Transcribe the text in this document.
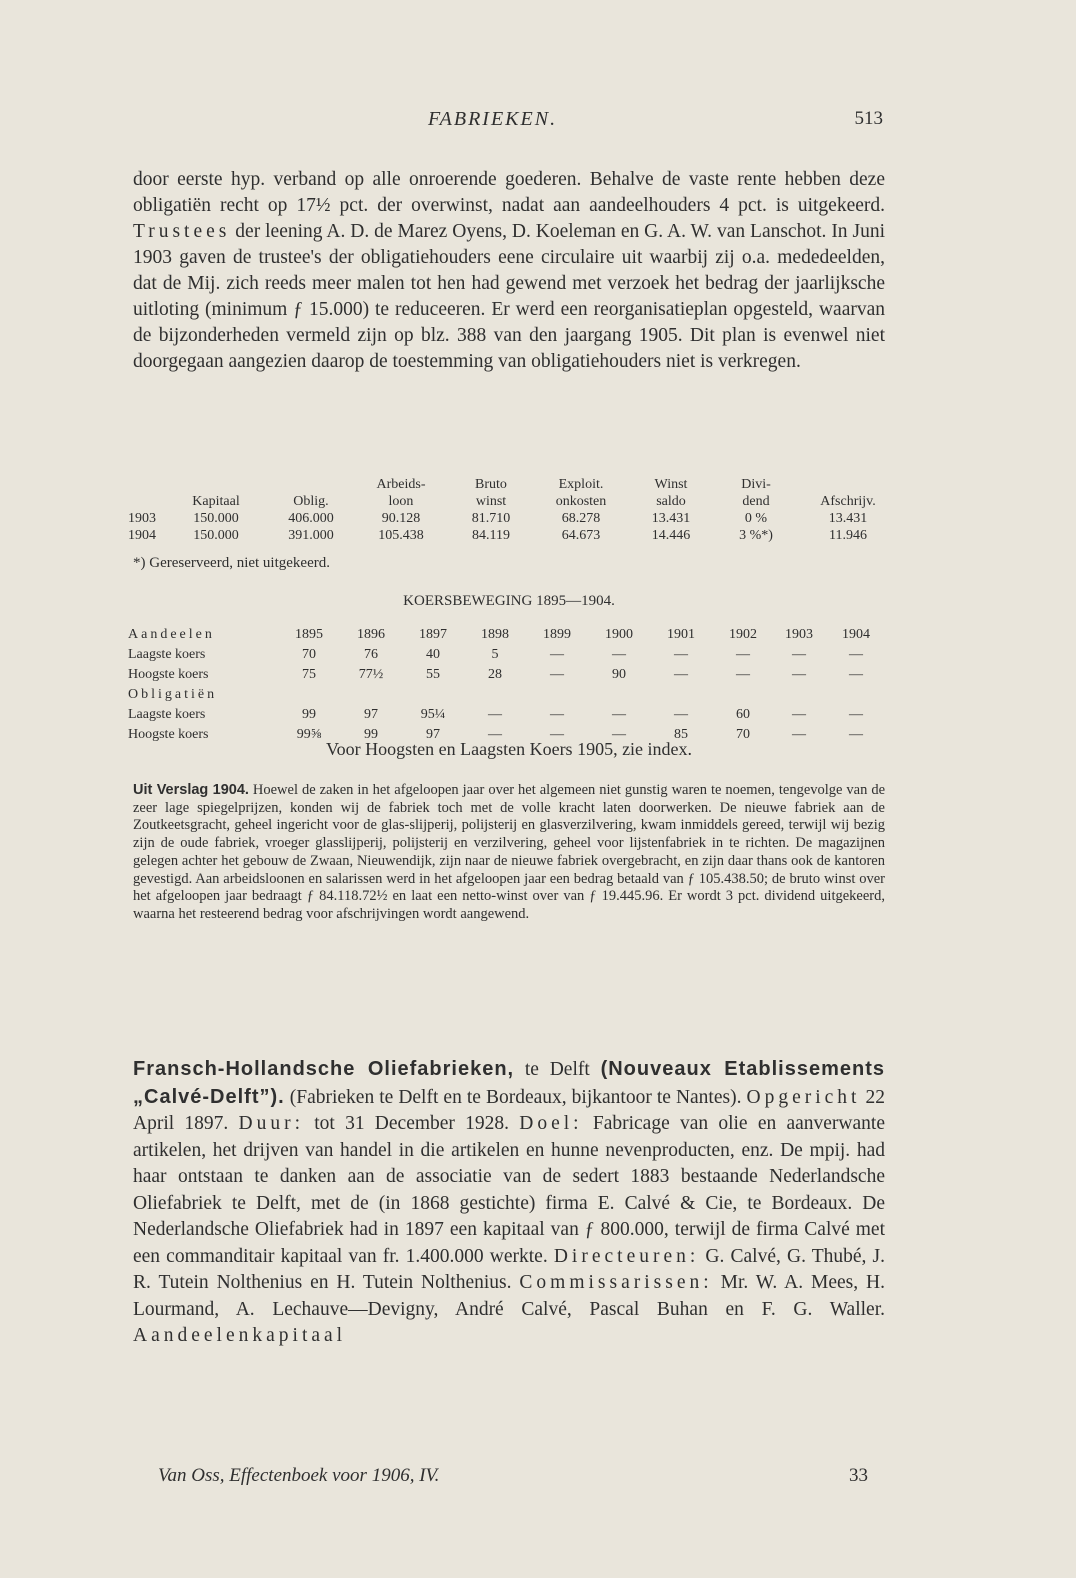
FABRIEKEN.	513

door eerste hyp. verband op alle onroerende goederen. Behalve de vaste rente hebben deze obligatiën recht op 17½ pct. der overwinst, nadat aan aandeelhouders 4 pct. is uitgekeerd. Trustees der leening A. D. de Marez Oyens, D. Koeleman en G. A. W. van Lanschot. In Juni 1903 gaven de trustee's der obligatiehouders eene circulaire uit waarbij zij o.a. mededeelden, dat de Mij. zich reeds meer malen tot hen had gewend met verzoek het bedrag der jaarlijksche uitloting (minimum ƒ 15.000) te reduceeren. Er werd een reorganisatieplan opgesteld, waarvan de bijzonderheden vermeld zijn op blz. 388 van den jaargang 1905. Dit plan is evenwel niet doorgegaan aangezien daarop de toestemming van obligatiehouders niet is verkregen.

			Arbeids-	Bruto	Exploit.	Winst	Divi-	
	Kapitaal	Oblig.	loon	winst	onkosten	saldo	dend	Afschrijv.
1903	150.000	406.000	90.128	81.710	68.278	13.431	0 %	13.431
1904	150.000	391.000	105.438	84.119	64.673	14.446	3 %*)	11.946
*) Gereserveerd, niet uitgekeerd.
KOERSBEWEGING 1895—1904.
Aandeelen	1895	1896	1897	1898	1899	1900	1901	1902	1903	1904
Laagste koers	70	76	40	5	—	—	—	—	—	—
Hoogste koers	75	77½	55	28	—	90	—	—	—	—
Obligatiën										
Laagste koers	99	97	95¼	—	—	—	—	60	—	—
Hoogste koers	99⅝	99	97	—	—	—	85	70	—	—
Voor Hoogsten en Laagsten Koers 1905, zie index.

Uit Verslag 1904. Hoewel de zaken in het afgeloopen jaar over het algemeen niet gunstig waren te noemen, tengevolge van de zeer lage spiegelprijzen, konden wij de fabriek toch met de volle kracht laten doorwerken. De nieuwe fabriek aan de Zoutkeetsgracht, geheel ingericht voor de glas-slijperij, polijsterij en glasverzilvering, kwam inmiddels gereed, terwijl wij bezig zijn de oude fabriek, vroeger glasslijperij, polijsterij en verzilvering, geheel voor lijstenfabriek in te richten. De magazijnen gelegen achter het gebouw de Zwaan, Nieuwendijk, zijn naar de nieuwe fabriek overgebracht, en zijn daar thans ook de kantoren gevestigd. Aan arbeidsloonen en salarissen werd in het afgeloopen jaar een bedrag betaald van ƒ 105.438.50; de bruto winst over het afgeloopen jaar bedraagt ƒ 84.118.72½ en laat een netto-winst over van ƒ 19.445.96. Er wordt 3 pct. dividend uitgekeerd, waarna het resteerend bedrag voor afschrijvingen wordt aangewend.

Fransch-Hollandsche Oliefabrieken, te Delft (Nouveaux Etablissements „Calvé-Delft”). (Fabrieken te Delft en te Bordeaux, bijkantoor te Nantes). Opgericht 22 April 1897. Duur: tot 31 December 1928. Doel: Fabricage van olie en aanverwante artikelen, het drijven van handel in die artikelen en hunne nevenproducten, enz. De mpij. had haar ontstaan te danken aan de associatie van de sedert 1883 bestaande Nederlandsche Oliefabriek te Delft, met de (in 1868 gestichte) firma E. Calvé & Cie, te Bordeaux. De Nederlandsche Oliefabriek had in 1897 een kapitaal van ƒ 800.000, terwijl de firma Calvé met een commanditair kapitaal van fr. 1.400.000 werkte. Directeuren: G. Calvé, G. Thubé, J. R. Tutein Nolthenius en H. Tutein Nolthenius. Commissarissen: Mr. W. A. Mees, H. Lourmand, A. Lechauve—Devigny, André Calvé, Pascal Buhan en F. G. Waller. Aandeelenkapitaal

Van Oss, Effectenboek voor 1906, IV.	33
